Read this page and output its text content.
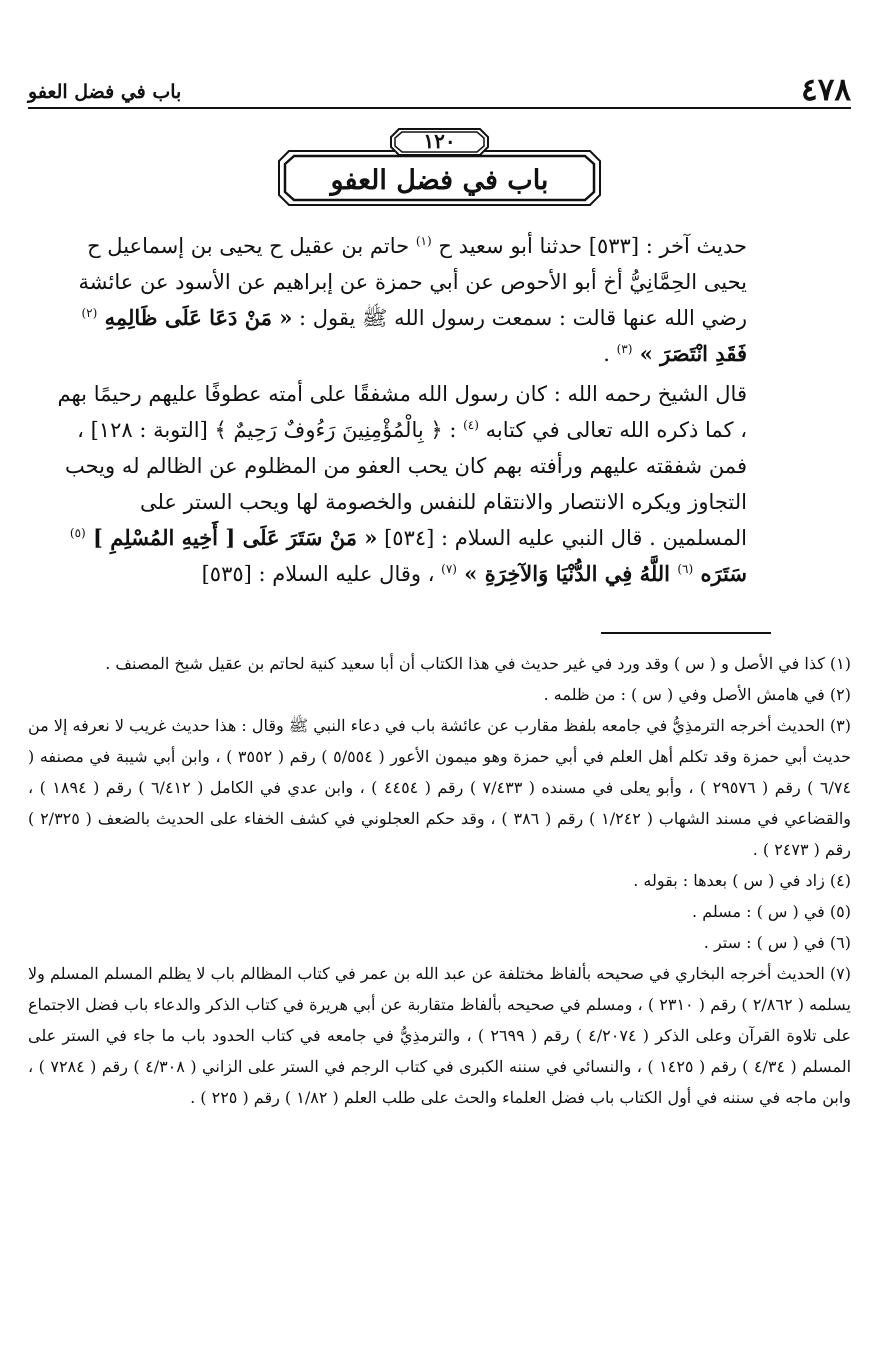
٤٧٨
باب في فضل العفو
١٢٠
باب في فضل العفو

حديث آخر : [٥٣٣] حدثنا أبو سعيد ح $^{(١)}$ حاتم بن عقيل ح يحيى بن إسماعيل ح يحيى الحِمَّانِيُّ أخ أبو الأحوص عن أبي حمزة عن إبراهيم عن الأسود عن عائشة رضي الله عنها قالت : سمعت رسول الله ﷺ يقول : « مَنْ دَعَا عَلَى ظَالِمِهِ $^{(٢)}$ فَقَدِ انْتَصَرَ » $^{(٣)}$ .

قال الشيخ رحمه الله : كان رسول الله مشفقًا على أمته عطوفًا عليهم رحيمًا بهم ، كما ذكره الله تعالى في كتابه $^{(٤)}$ : ﴿ بِالْمُؤْمِنِينَ رَءُوفٌ رَحِيمٌ ﴾ [التوبة : ١٢٨] ، فمن شفقته عليهم ورأفته بهم كان يحب العفو من المظلوم عن الظالم له ويحب التجاوز ويكره الانتصار والانتقام للنفس والخصومة لها ويحب الستر على المسلمين . قال النبي عليه السلام : [٥٣٤] « مَنْ سَتَرَ عَلَى [ أَخِيهِ المُسْلِمِ ] $^{(٥)}$ سَتَرَه $^{(٦)}$ اللَّهُ فِي الدُّنْيَا وَالآخِرَةِ » $^{(٧)}$ ، وقال عليه السلام : [٥٣٥]

(١) كذا في الأصل و ( س ) وقد ورد في غير حديث في هذا الكتاب أن أبا سعيد كنية لحاتم بن عقيل شيخ المصنف .

(٢) في هامش الأصل وفي ( س ) : من ظلمه .

(٣) الحديث أخرجه الترمذِيُّ في جامعه بلفظ مقارب عن عائشة باب في دعاء النبي ﷺ وقال : هذا حديث غريب لا نعرفه إلا من حديث أبي حمزة وقد تكلم أهل العلم في أبي حمزة وهو ميمون الأعور ( ٥/٥٥٤ ) رقم ( ٣٥٥٢ ) ، وابن أبي شيبة في مصنفه ( ٦/٧٤ ) رقم ( ٢٩٥٧٦ ) ، وأبو يعلى في مسنده ( ٧/٤٣٣ ) رقم ( ٤٤٥٤ ) ، وابن عدي في الكامل ( ٦/٤١٢ ) رقم ( ١٨٩٤ ) ، والقضاعي في مسند الشهاب ( ١/٢٤٢ ) رقم ( ٣٨٦ ) ، وقد حكم العجلوني في كشف الخفاء على الحديث بالضعف ( ٢/٣٢٥ ) رقم ( ٢٤٧٣ ) .

(٤) زاد في ( س ) بعدها : بقوله .

(٥) في ( س ) : مسلم .

(٦) في ( س ) : ستر .

(٧) الحديث أخرجه البخاري في صحيحه بألفاظ مختلفة عن عبد الله بن عمر في كتاب المظالم باب لا يظلم المسلم المسلم ولا يسلمه ( ٢/٨٦٢ ) رقم ( ٢٣١٠ ) ، ومسلم في صحيحه بألفاظ متقاربة عن أبي هريرة في كتاب الذكر والدعاء باب فضل الاجتماع على تلاوة القرآن وعلى الذكر ( ٤/٢٠٧٤ ) رقم ( ٢٦٩٩ ) ، والترمذِيُّ في جامعه في كتاب الحدود باب ما جاء في الستر على المسلم ( ٤/٣٤ ) رقم ( ١٤٢٥ ) ، والنسائي في سننه الكبرى في كتاب الرجم في الستر على الزاني ( ٤/٣٠٨ ) رقم ( ٧٢٨٤ ) ، وابن ماجه في سننه في أول الكتاب باب فضل العلماء والحث على طلب العلم ( ١/٨٢ ) رقم ( ٢٢٥ ) .
